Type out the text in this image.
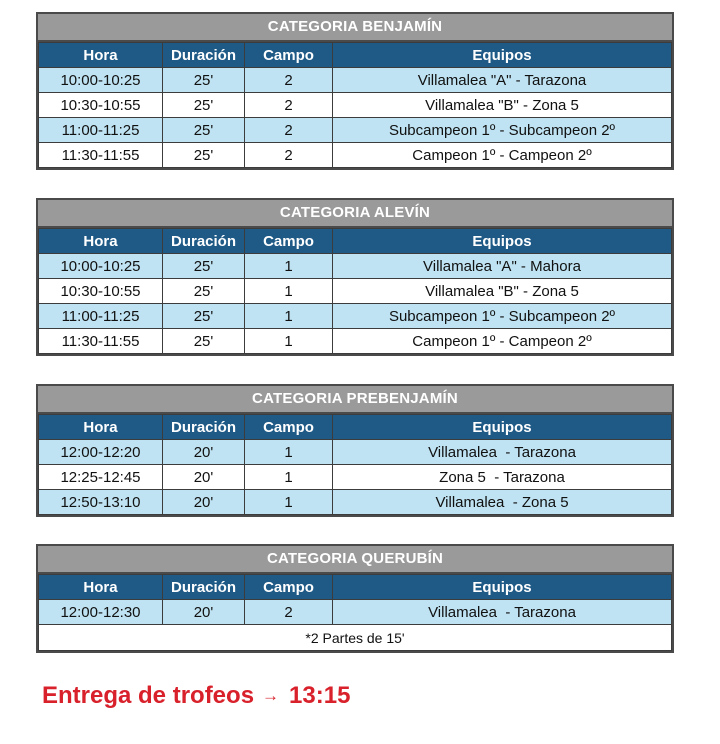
CATEGORIA BENJAMÍN
Hora	Duración	Campo	Equipos
10:00-10:25	25'	2	Villamalea "A" - Tarazona
10:30-10:55	25'	2	Villamalea "B" - Zona 5
11:00-11:25	25'	2	Subcampeon 1º - Subcampeon 2º
11:30-11:55	25'	2	Campeon 1º - Campeon 2º
CATEGORIA ALEVÍN
Hora	Duración	Campo	Equipos
10:00-10:25	25'	1	Villamalea "A" - Mahora
10:30-10:55	25'	1	Villamalea "B" - Zona 5
11:00-11:25	25'	1	Subcampeon 1º - Subcampeon 2º
11:30-11:55	25'	1	Campeon 1º - Campeon 2º
CATEGORIA PREBENJAMÍN
Hora	Duración	Campo	Equipos
12:00-12:20	20'	1	Villamalea  - Tarazona
12:25-12:45	20'	1	Zona 5  - Tarazona
12:50-13:10	20'	1	Villamalea  - Zona 5
CATEGORIA QUERUBÍN
Hora	Duración	Campo	Equipos
12:00-12:30	20'	2	Villamalea  - Tarazona
*2 Partes de 15'			
Entrega de trofeos → 13:15
